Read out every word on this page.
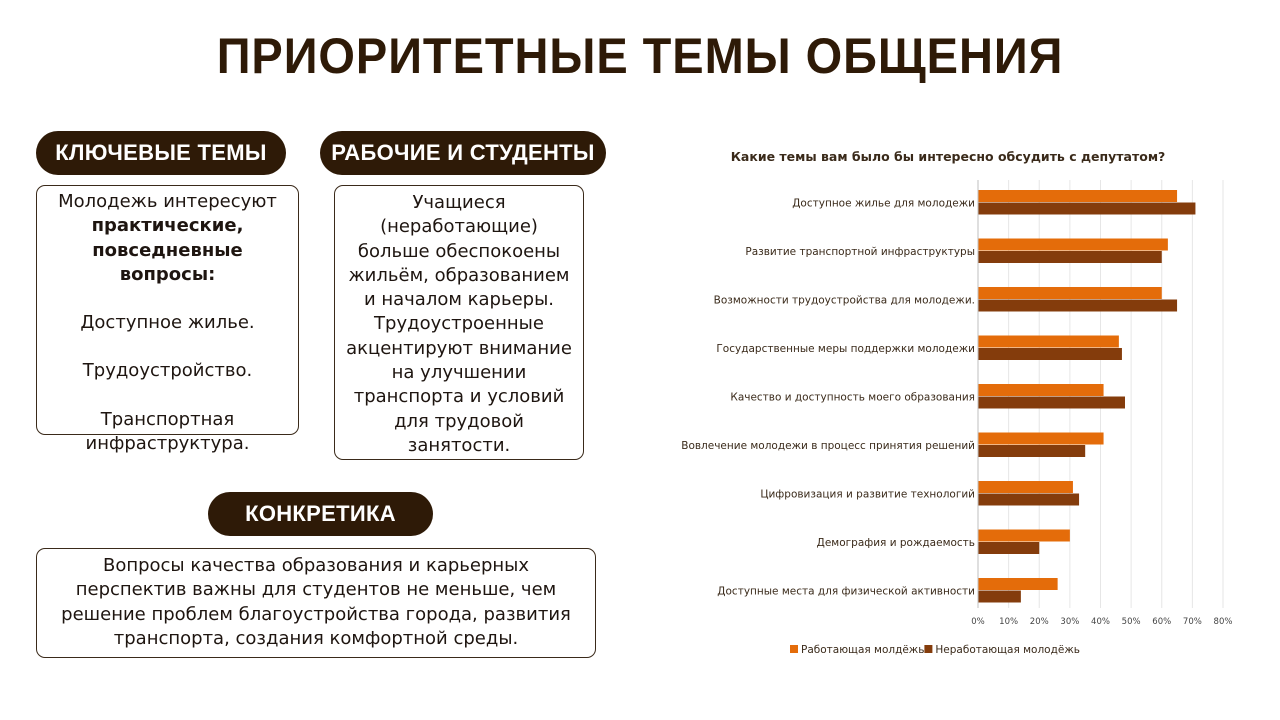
ПРИОРИТЕТНЫЕ ТЕМЫ ОБЩЕНИЯ
КЛЮЧЕВЫЕ ТЕМЫ

Молодежь интересуют

практические, повседневные вопросы:

Доступное жилье.

Трудоустройство.

Транспортная инфраструктура.

РАБОЧИЕ И СТУДЕНТЫ

Учащиеся (неработающие) больше обеспокоены жильём, образованием и началом карьеры. Трудоустроенные акцентируют внимание на улучшении транспорта и условий для трудовой занятости.

КОНКРЕТИКА

Вопросы качества образования и карьерных перспектив важны для студентов не меньше, чем решение проблем благоустройства города, развития транспорта, создания комфортной среды.

Какие темы вам было бы интересно обсудить с депутатом?
0% 10% 20% 30% 40% 50% 60% 70% 80%
Доступное жилье для молодежи
Развитие транспортной инфраструктуры
Возможности трудоустройства для молодежи.
Государственные меры поддержки молодежи
Качество и доступность моего образования
Вовлечение молодежи в процесс принятия решений
Цифровизация и развитие технологий
Демография и рождаемость
Доступные места для физической активности
Работающая молдёжь Неработающая молодёжь
